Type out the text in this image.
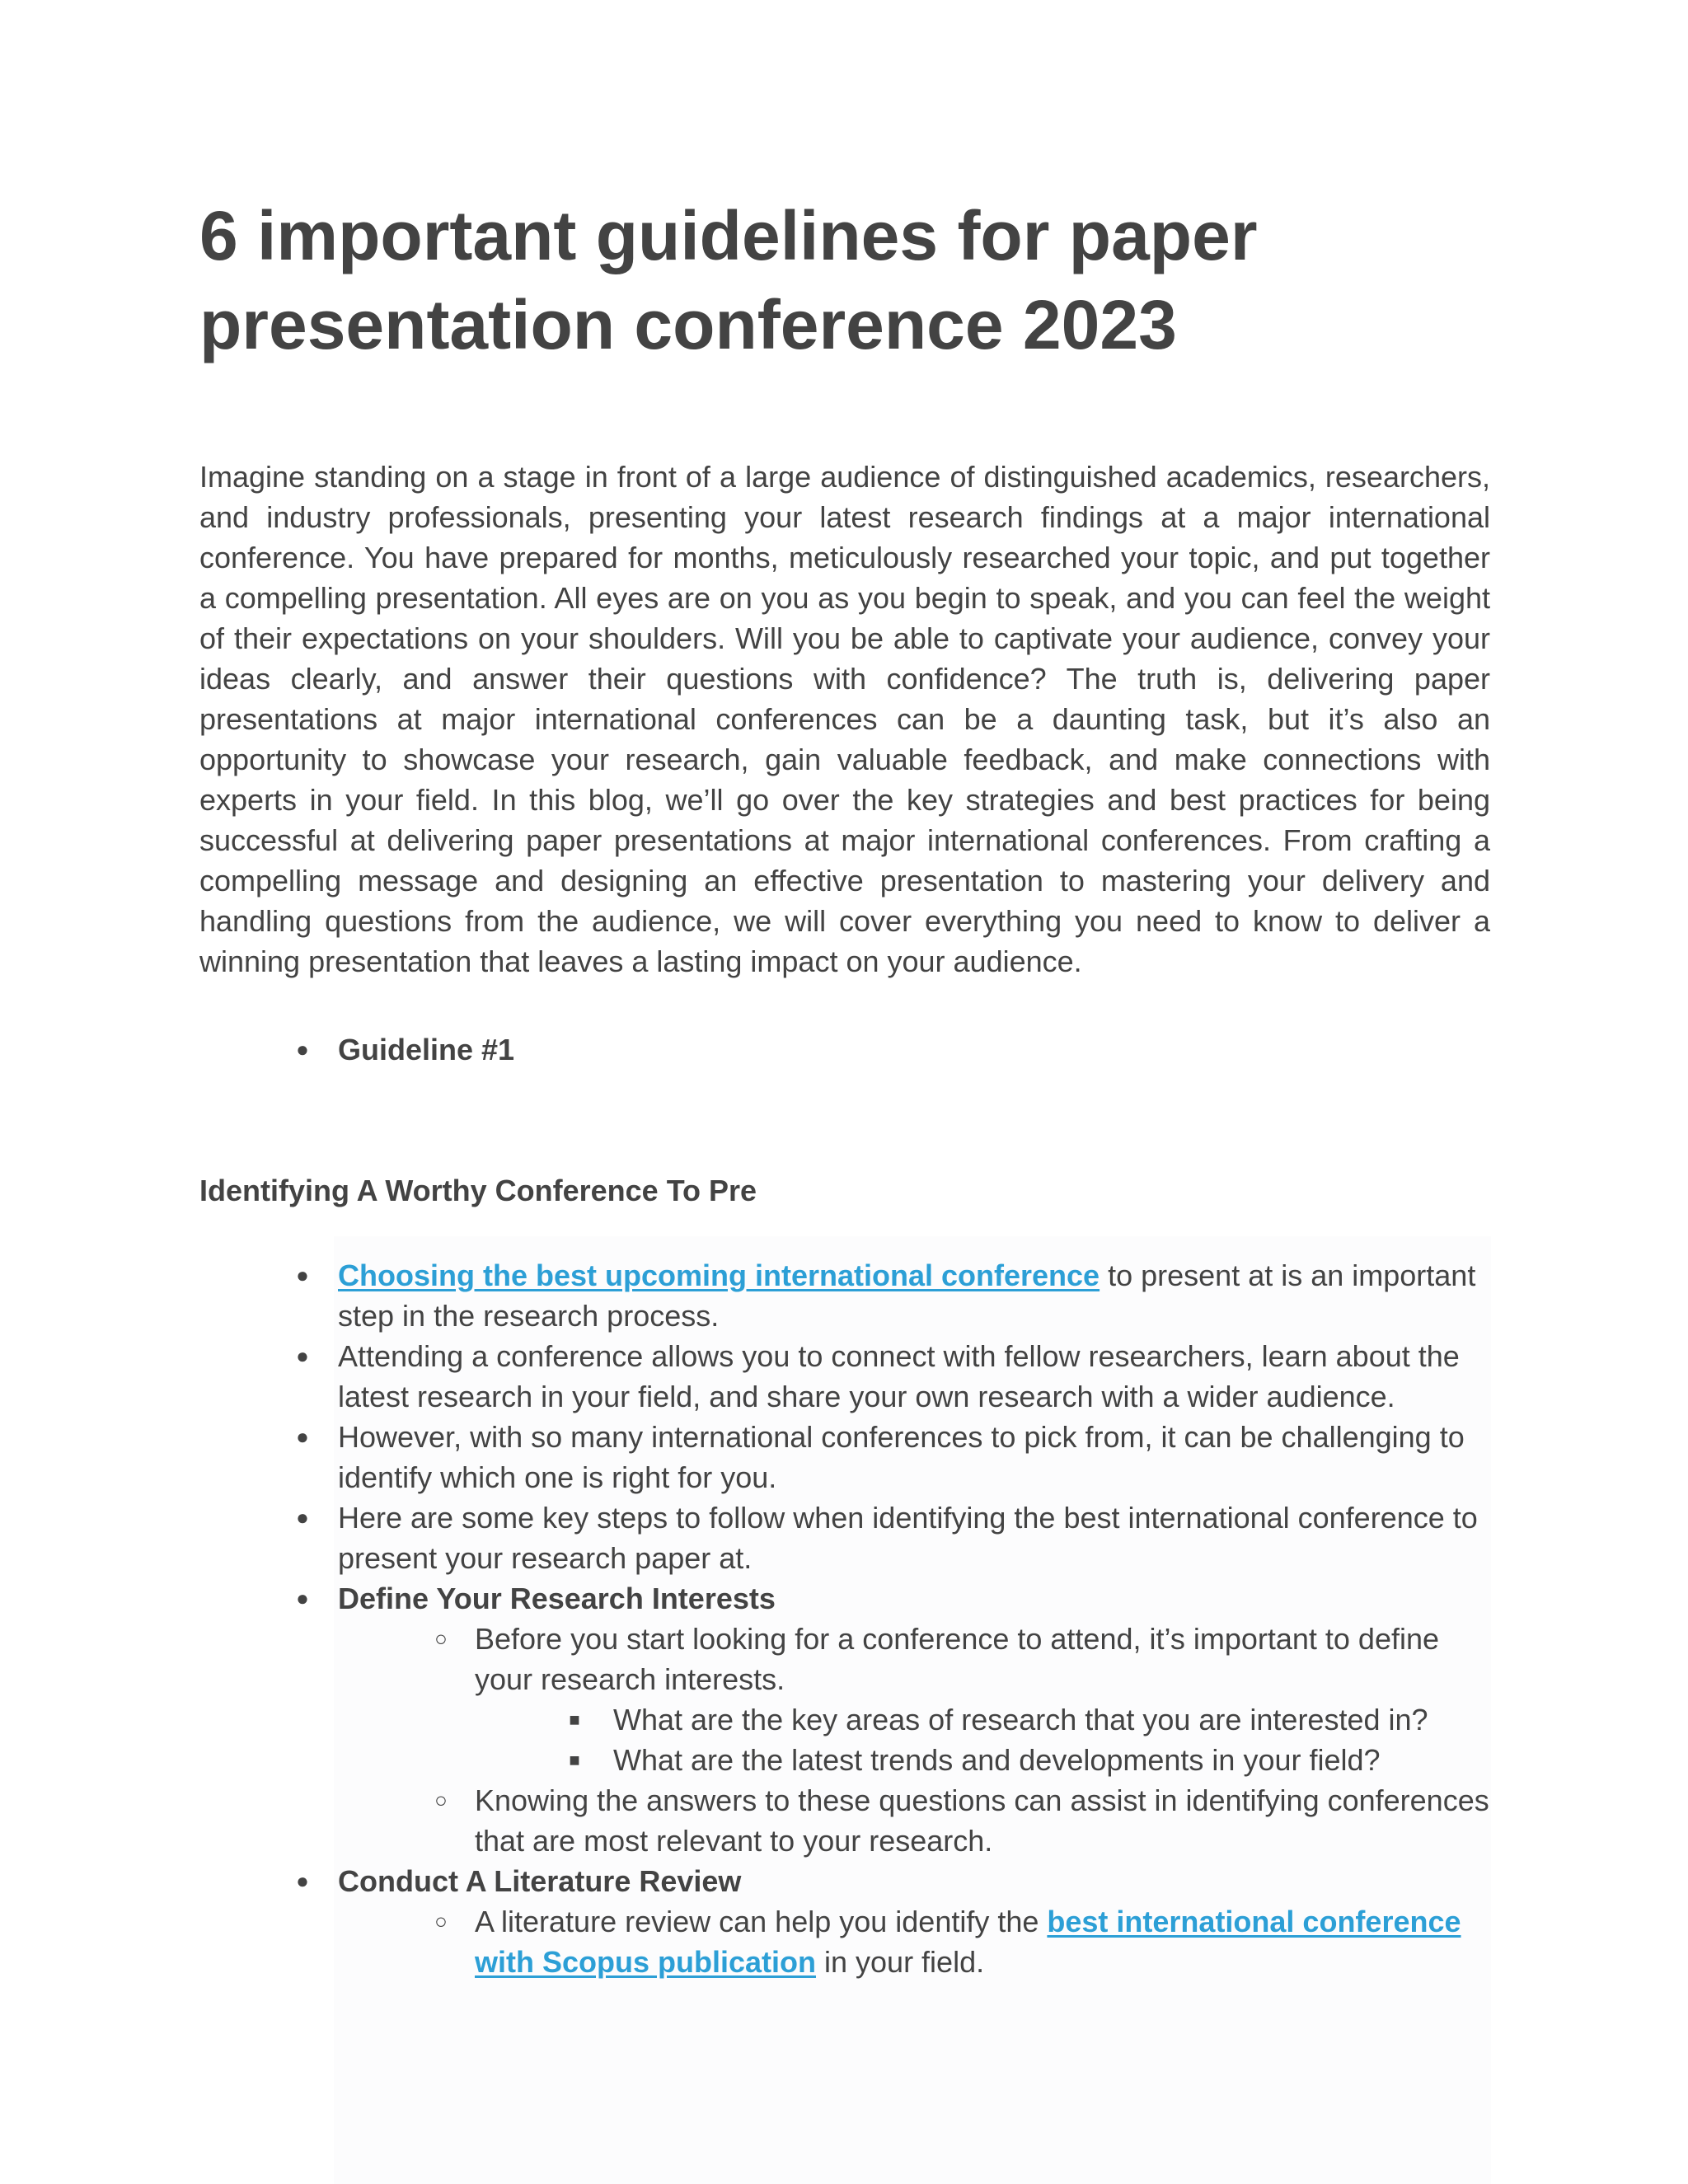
6 important guidelines for paper presentation conference 2023

Imagine standing on a stage in front of a large audience of distinguished academics, researchers, and industry professionals, presenting your latest research findings at a major international conference. You have prepared for months, meticulously researched your topic, and put together a compelling presentation. All eyes are on you as you begin to speak, and you can feel the weight of their expectations on your shoulders. Will you be able to captivate your audience, convey your ideas clearly, and answer their questions with confidence? The truth is, delivering paper presentations at major international conferences can be a daunting task, but it’s also an opportunity to showcase your research, gain valuable feedback, and make connections with experts in your field. In this blog, we’ll go over the key strategies and best practices for being successful at delivering paper presentations at major international conferences. From crafting a compelling message and designing an effective presentation to mastering your delivery and handling questions from the audience, we will cover everything you need to know to deliver a winning presentation that leaves a lasting impact on your audience.

● Guideline #1
Identifying A Worthy Conference To Pre
● Choosing the best upcoming international conference to present at is an important step in the research process.
● Attending a conference allows you to connect with fellow researchers, learn about the latest research in your field, and share your own research with a wider audience.
● However, with so many international conferences to pick from, it can be challenging to identify which one is right for you.
● Here are some key steps to follow when identifying the best international conference to present your research paper at.
● Define Your Research Interests
○ Before you start looking for a conference to attend, it’s important to define your research interests.
■ What are the key areas of research that you are interested in?
■ What are the latest trends and developments in your field?
○ Knowing the answers to these questions can assist in identifying conferences that are most relevant to your research.
● Conduct A Literature Review
○ A literature review can help you identify the best international conference with Scopus publication in your field.
